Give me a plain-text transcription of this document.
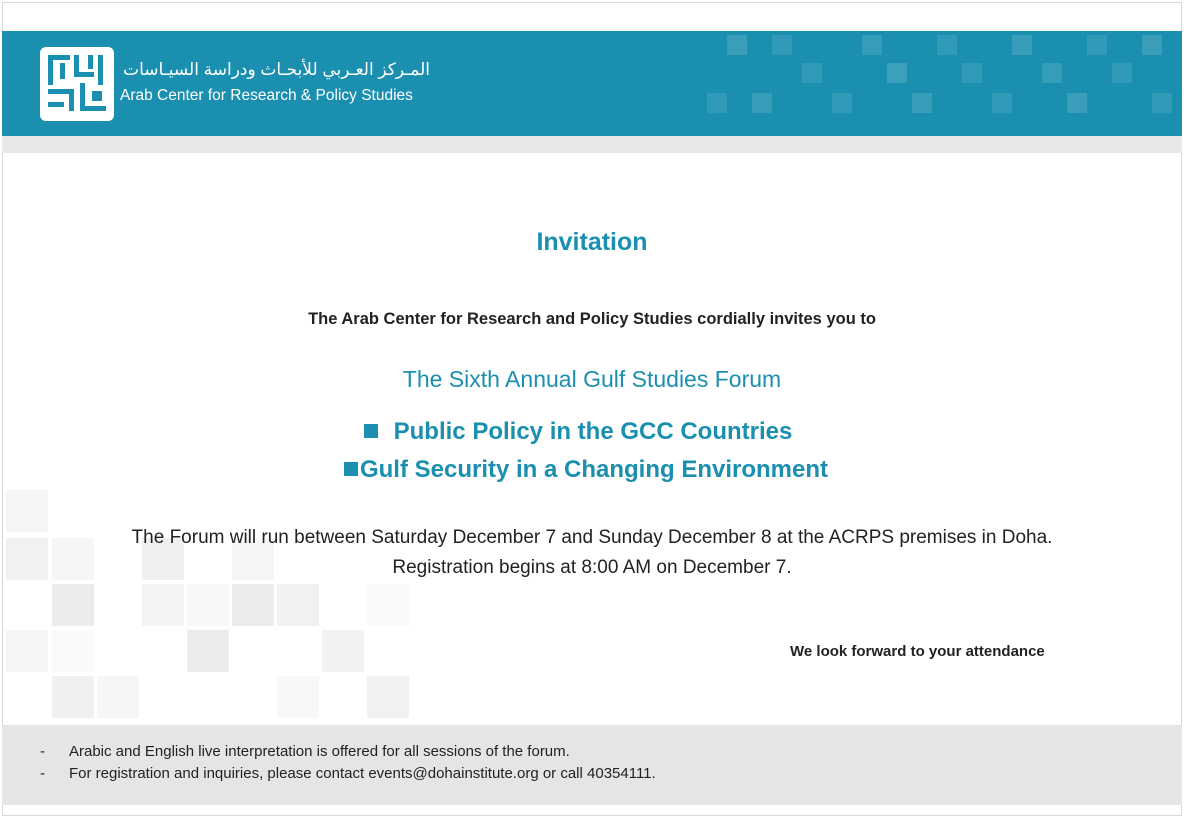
المـركز العـربي للأبحـاث ودراسة السيـاسات
Arab Center for Research & Policy Studies
Invitation
The Arab Center for Research and Policy Studies cordially invites you to
The Sixth Annual Gulf Studies Forum
Public Policy in the GCC Countries
Gulf Security in a Changing Environment
The Forum will run between Saturday December 7 and Sunday December 8 at the ACRPS premises in Doha.
Registration begins at 8:00 AM on December 7.
We look forward to your attendance
- Arabic and English live interpretation is offered for all sessions of the forum.
- For registration and inquiries, please contact events@dohainstitute.org or call 40354111.
